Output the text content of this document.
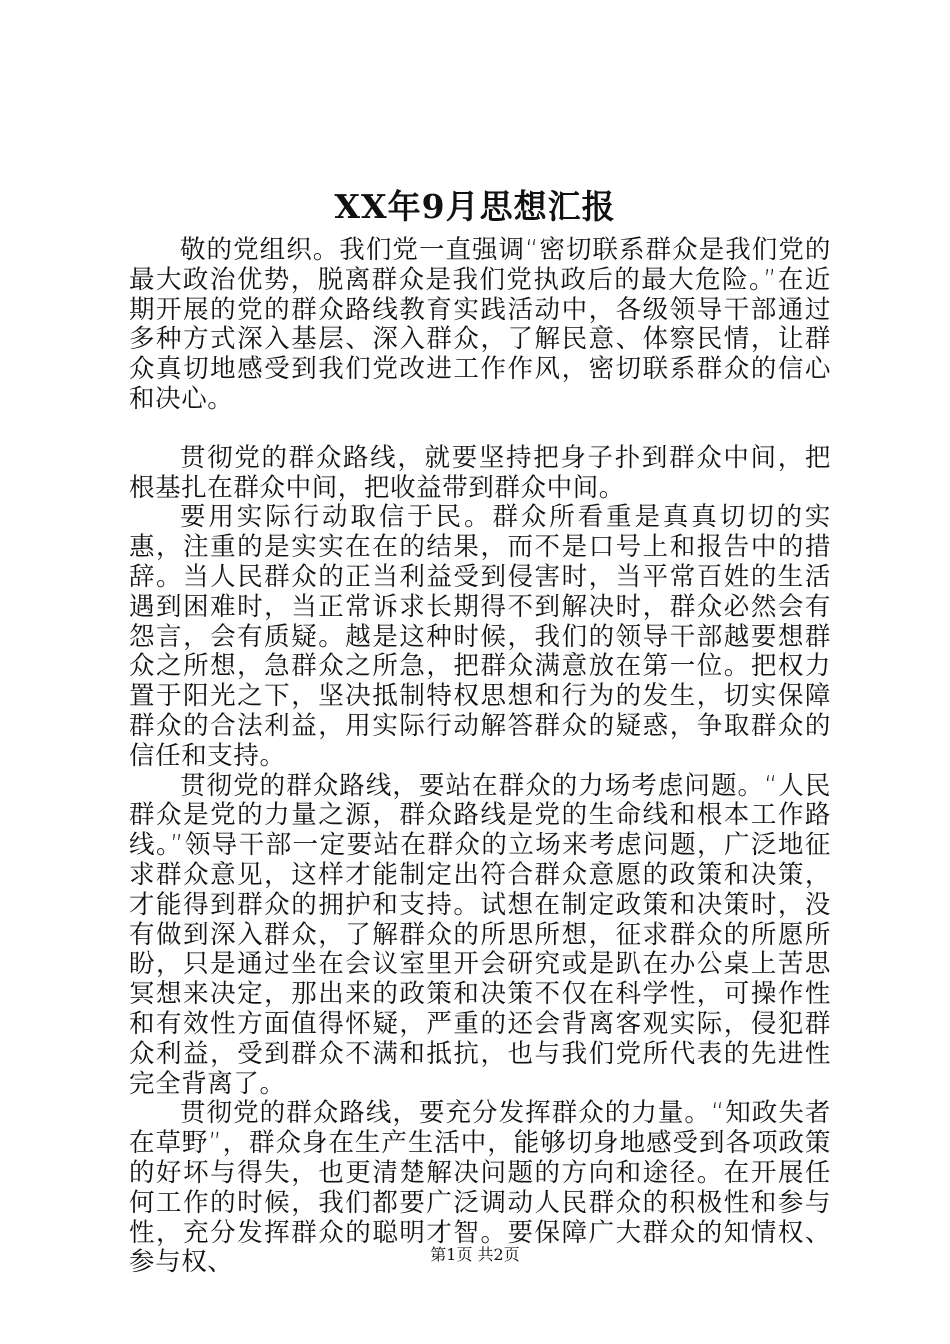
XX年9月思想汇报

敬的党组织。我们党一直强调“密切联系群众是我们党的最大政治优势，脱离群众是我们党执政后的最大危险。”在近期开展的党的群众路线教育实践活动中，各级领导干部通过多种方式深入基层、深入群众，了解民意、体察民情，让群众真切地感受到我们党改进工作作风，密切联系群众的信心和决心。

贯彻党的群众路线，就要坚持把身子扑到群众中间，把根基扎在群众中间，把收益带到群众中间。

要用实际行动取信于民。群众所看重是真真切切的实惠，注重的是实实在在的结果，而不是口号上和报告中的措辞。当人民群众的正当利益受到侵害时，当平常百姓的生活遇到困难时，当正常诉求长期得不到解决时，群众必然会有怨言，会有质疑。越是这种时候，我们的领导干部越要想群众之所想，急群众之所急，把群众满意放在第一位。把权力置于阳光之下，坚决抵制特权思想和行为的发生，切实保障群众的合法利益，用实际行动解答群众的疑惑，争取群众的信任和支持。

贯彻党的群众路线，要站在群众的力场考虑问题。“人民群众是党的力量之源，群众路线是党的生命线和根本工作路线。”领导干部一定要站在群众的立场来考虑问题，广泛地征求群众意见，这样才能制定出符合群众意愿的政策和决策，才能得到群众的拥护和支持。试想在制定政策和决策时，没有做到深入群众，了解群众的所思所想，征求群众的所愿所盼，只是通过坐在会议室里开会研究或是趴在办公桌上苦思冥想来决定，那出来的政策和决策不仅在科学性，可操作性和有效性方面值得怀疑，严重的还会背离客观实际，侵犯群众利益，受到群众不满和抵抗，也与我们党所代表的先进性完全背离了。

贯彻党的群众路线，要充分发挥群众的力量。“知政失者在草野”，群众身在生产生活中，能够切身地感受到各项政策的好坏与得失，也更清楚解决问题的方向和途径。在开展任何工作的时候，我们都要广泛调动人民群众的积极性和参与性，充分发挥群众的聪明才智。要保障广大群众的知情权、参与权、	第1页 共2页
